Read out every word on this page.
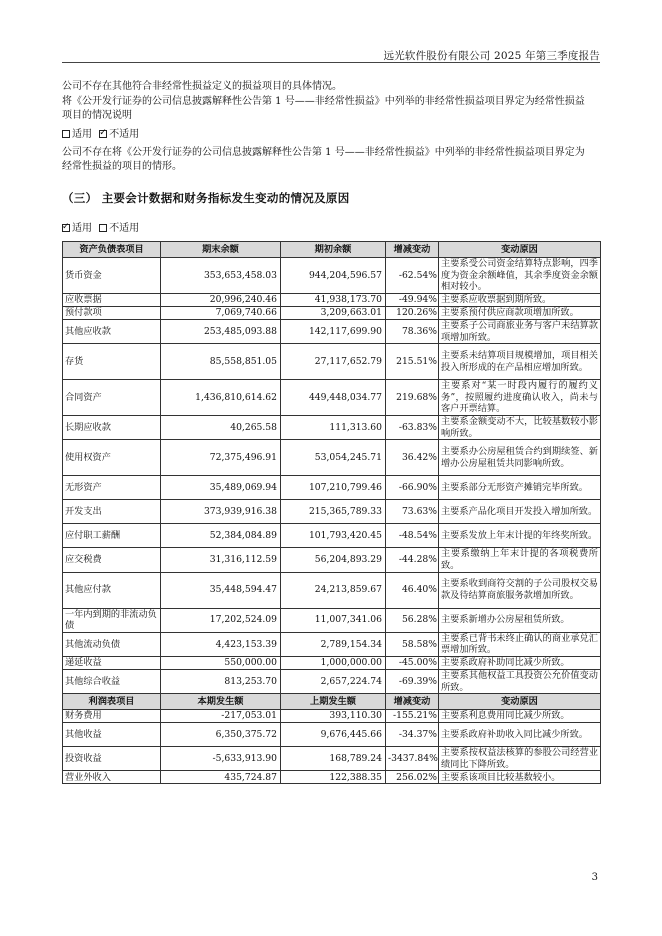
远光软件股份有限公司 2025 年第三季度报告
公司不存在其他符合非经常性损益定义的损益项目的具体情况。
将《公开发行证券的公司信息披露解释性公告第 1 号——非经常性损益》中列举的非经常性损益项目界定为经常性损益项目的情况说明
适用 ✓ 不适用
公司不存在将《公开发行证券的公司信息披露解释性公告第 1 号——非经常性损益》中列举的非经常性损益项目界定为经常性损益的项目的情形。
（三） 主要会计数据和财务指标发生变动的情况及原因
✓适用 不适用
资产负债表项目	期末余额	期初余额	增减变动	变动原因
货币资金	353,653,458.03	944,204,596.57	-62.54%	主要系受公司资金结算特点影响，四季度为资金余额峰值，其余季度资金余额相对较小。
应收票据	20,996,240.46	41,938,173.70	-49.94%	主要系应收票据到期所致。
预付款项	7,069,740.66	3,209,663.01	120.26%	主要系预付供应商款项增加所致。
其他应收款	253,485,093.88	142,117,699.90	78.36%	主要系子公司商旅业务与客户未结算款项增加所致。
存货	85,558,851.05	27,117,652.79	215.51%	主要系未结算项目规模增加，项目相关投入所形成的在产品相应增加所致。
合同资产	1,436,810,614.62	449,448,034.77	219.68%	主要系对“某一时段内履行的履约义务”，按照履约进度确认收入，尚未与客户开票结算。
长期应收款	40,265.58	111,313.60	-63.83%	主要系金额变动不大，比较基数较小影响所致。
使用权资产	72,375,496.91	53,054,245.71	36.42%	主要系办公房屋租赁合约到期续签、新增办公房屋租赁共同影响所致。
无形资产	35,489,069.94	107,210,799.46	-66.90%	主要系部分无形资产摊销完毕所致。
开发支出	373,939,916.38	215,365,789.33	73.63%	主要系产品化项目开发投入增加所致。
应付职工薪酬	52,384,084.89	101,793,420.45	-48.54%	主要系发放上年末计提的年终奖所致。
应交税费	31,316,112.59	56,204,893.29	-44.28%	主要系缴纳上年末计提的各项税费所致。
其他应付款	35,448,594.47	24,213,859.67	46.40%	主要系收到商符交割的子公司股权交易款及待结算商旅服务款增加所致。
一年内到期的非流动负债	17,202,524.09	11,007,341.06	56.28%	主要系新增办公房屋租赁所致。
其他流动负债	4,423,153.39	2,789,154.34	58.58%	主要系已背书未终止确认的商业承兑汇票增加所致。
递延收益	550,000.00	1,000,000.00	-45.00%	主要系政府补助同比减少所致。
其他综合收益	813,253.70	2,657,224.74	-69.39%	主要系其他权益工具投资公允价值变动所致。
利润表项目	本期发生额	上期发生额	增减变动	变动原因
财务费用	-217,053.01	393,110.30	-155.21%	主要系利息费用同比减少所致。
其他收益	6,350,375.72	9,676,445.66	-34.37%	主要系政府补助收入同比减少所致。
投资收益	-5,633,913.90	168,789.24	-3437.84%	主要系按权益法核算的参股公司经营业绩同比下降所致。
营业外收入	435,724.87	122,388.35	256.02%	主要系该项目比较基数较小。
3
